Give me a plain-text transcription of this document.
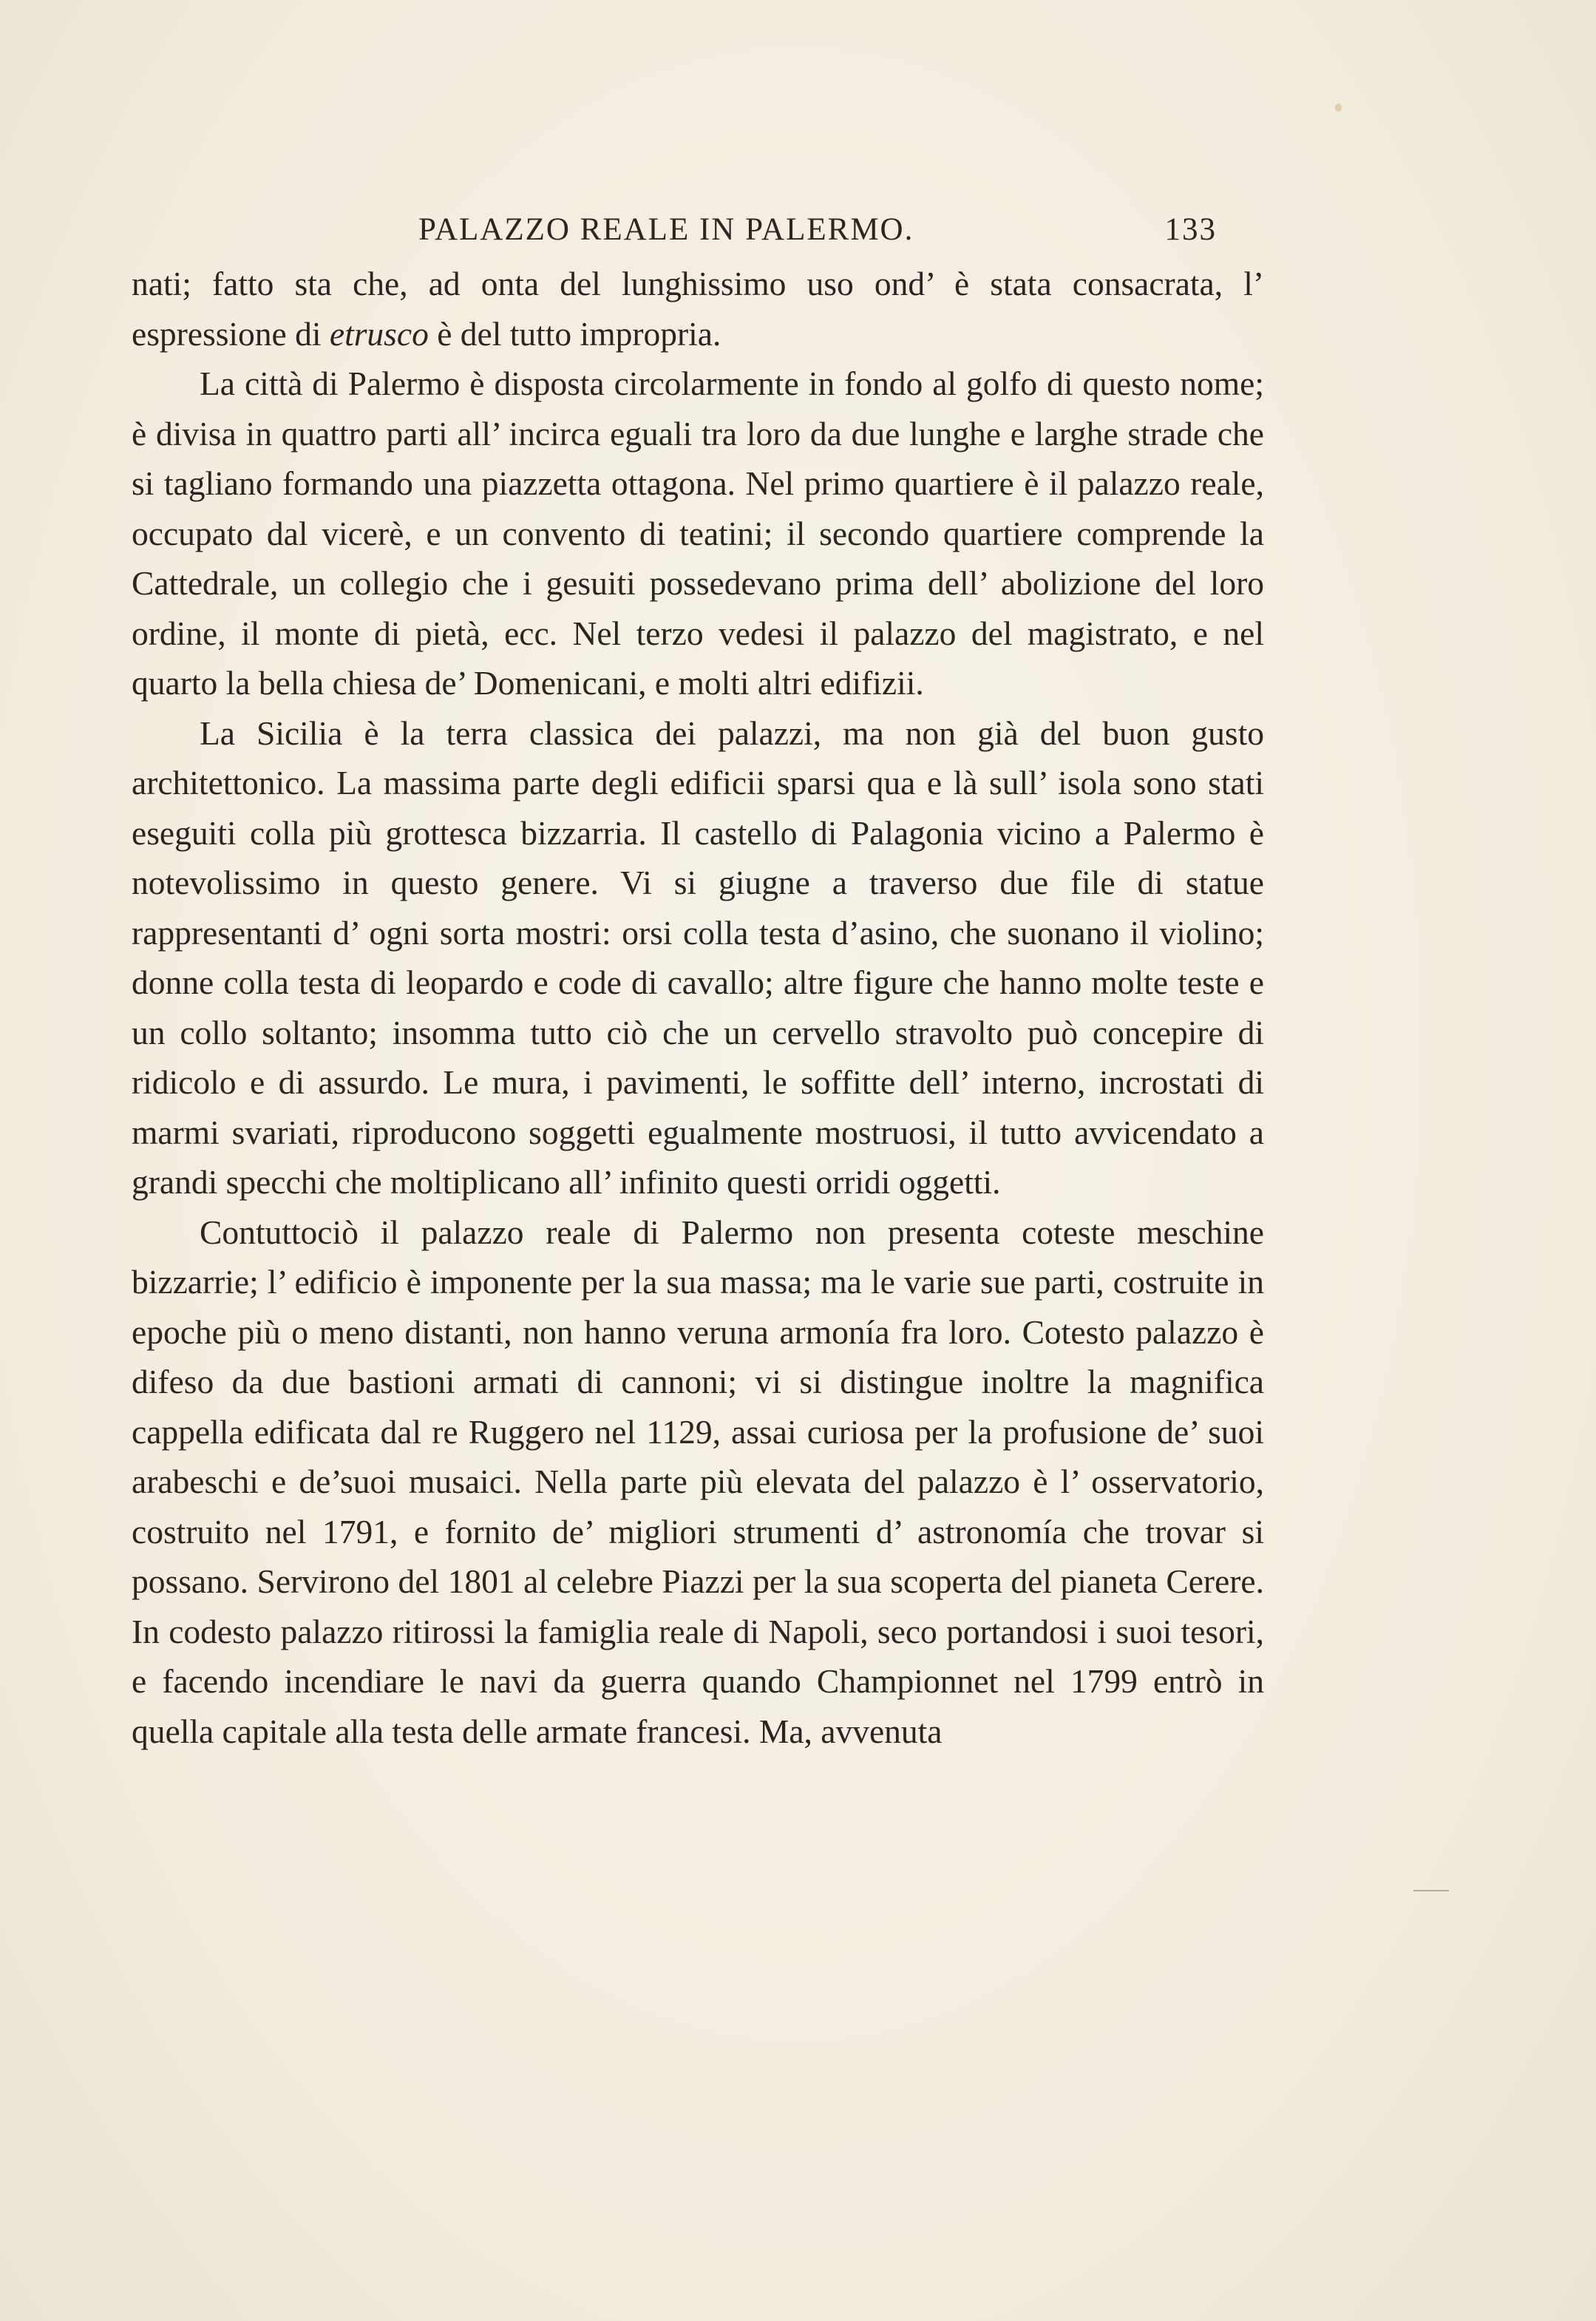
PALAZZO REALE IN PALERMO.	133

nati; fatto sta che, ad onta del lunghissimo uso ond’ è stata consacrata, l’ espressione di etrusco è del tutto impropria.

La città di Palermo è disposta circolarmente in fondo al golfo di questo nome; è divisa in quattro parti all’ incirca eguali tra loro da due lunghe e larghe strade che si tagliano formando una piazzetta ottagona. Nel primo quartiere è il palazzo reale, occupato dal vicerè, e un convento di teatini; il secondo quartiere comprende la Cattedrale, un collegio che i gesuiti possedevano prima dell’ abolizione del loro ordine, il monte di pietà, ecc. Nel terzo vedesi il palazzo del magistrato, e nel quarto la bella chiesa de’ Domenicani, e molti altri edifizii.

La Sicilia è la terra classica dei palazzi, ma non già del buon gusto architettonico. La massima parte degli edificii sparsi qua e là sull’ isola sono stati eseguiti colla più grottesca bizzarria. Il castello di Palagonia vicino a Palermo è notevolissimo in questo genere. Vi si giugne a traverso due file di statue rappresentanti d’ ogni sorta mostri: orsi colla testa d’asino, che suonano il violino; donne colla testa di leopardo e code di cavallo; altre figure che hanno molte teste e un collo soltanto; insomma tutto ciò che un cervello stravolto può concepire di ridicolo e di assurdo. Le mura, i pavimenti, le soffitte dell’ interno, incrostati di marmi svariati, riproducono soggetti egualmente mostruosi, il tutto avvicendato a grandi specchi che moltiplicano all’ infinito questi orridi oggetti.

Contuttociò il palazzo reale di Palermo non presenta coteste meschine bizzarrie; l’ edificio è imponente per la sua massa; ma le varie sue parti, costruite in epoche più o meno distanti, non hanno veruna armonía fra loro. Cotesto palazzo è difeso da due bastioni armati di cannoni; vi si distingue inoltre la magnifica cappella edificata dal re Ruggero nel 1129, assai curiosa per la profusione de’ suoi arabeschi e de’suoi musaici. Nella parte più elevata del palazzo è l’ osservatorio, costruito nel 1791, e fornito de’ migliori strumenti d’ astronomía che trovar si possano. Servirono del 1801 al celebre Piazzi per la sua scoperta del pianeta Cerere. In codesto palazzo ritirossi la famiglia reale di Napoli, seco portandosi i suoi tesori, e facendo incendiare le navi da guerra quando Championnet nel 1799 entrò in quella capitale alla testa delle armate francesi. Ma, avvenuta
